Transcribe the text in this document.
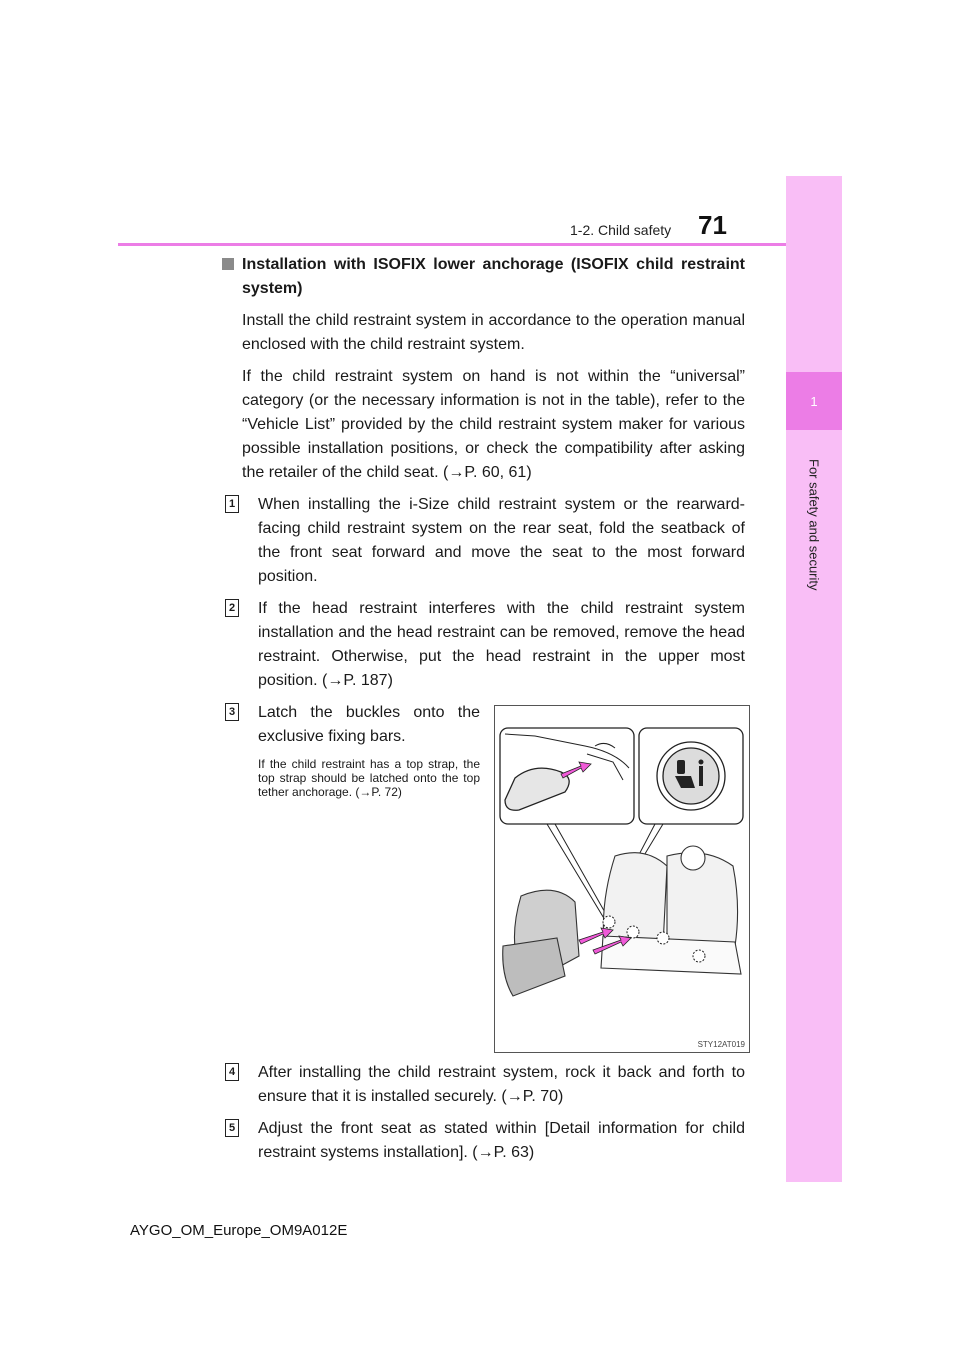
1
For safety and security
1-2. Child safety 71
Installation with ISOFIX lower anchorage (ISOFIX child restraint system)
Install the child restraint system in accordance to the operation manual enclosed with the child restraint system.
If the child restraint system on hand is not within the “universal” category (or the necessary information is not in the table), refer to the “Vehicle List” provided by the child restraint system maker for various possible installation positions, or check the compatibility after asking the retailer of the child seat. (→P. 60, 61)
1 When installing the i-Size child restraint system or the rearward-facing child restraint system on the rear seat, fold the seatback of the front seat forward and move the seat to the most forward position.
2 If the head restraint interferes with the child restraint system installation and the head restraint can be removed, remove the head restraint. Otherwise, put the head restraint in the upper most position. (→P. 187)
3 Latch the buckles onto the exclusive fixing bars.
If the child restraint has a top strap, the top strap should be latched onto the top tether anchorage. (→P. 72)
STY12AT019
4 After installing the child restraint system, rock it back and forth to ensure that it is installed securely. (→P. 70)
5 Adjust the front seat as stated within [Detail information for child restraint systems installation]. (→P. 63)
AYGO_OM_Europe_OM9A012E
